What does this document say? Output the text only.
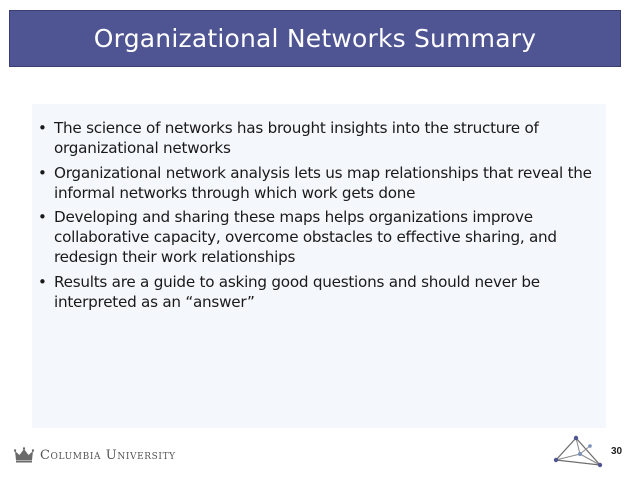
Organizational Networks Summary
• The science of networks has brought insights into the structure of organizational networks
• Organizational network analysis lets us map relationships that reveal the informal networks through which work gets done
• Developing and sharing these maps helps organizations improve collaborative capacity, overcome obstacles to effective sharing, and redesign their work relationships
• Results are a guide to asking good questions and should never be interpreted as an “answer”
Columbia University	30
